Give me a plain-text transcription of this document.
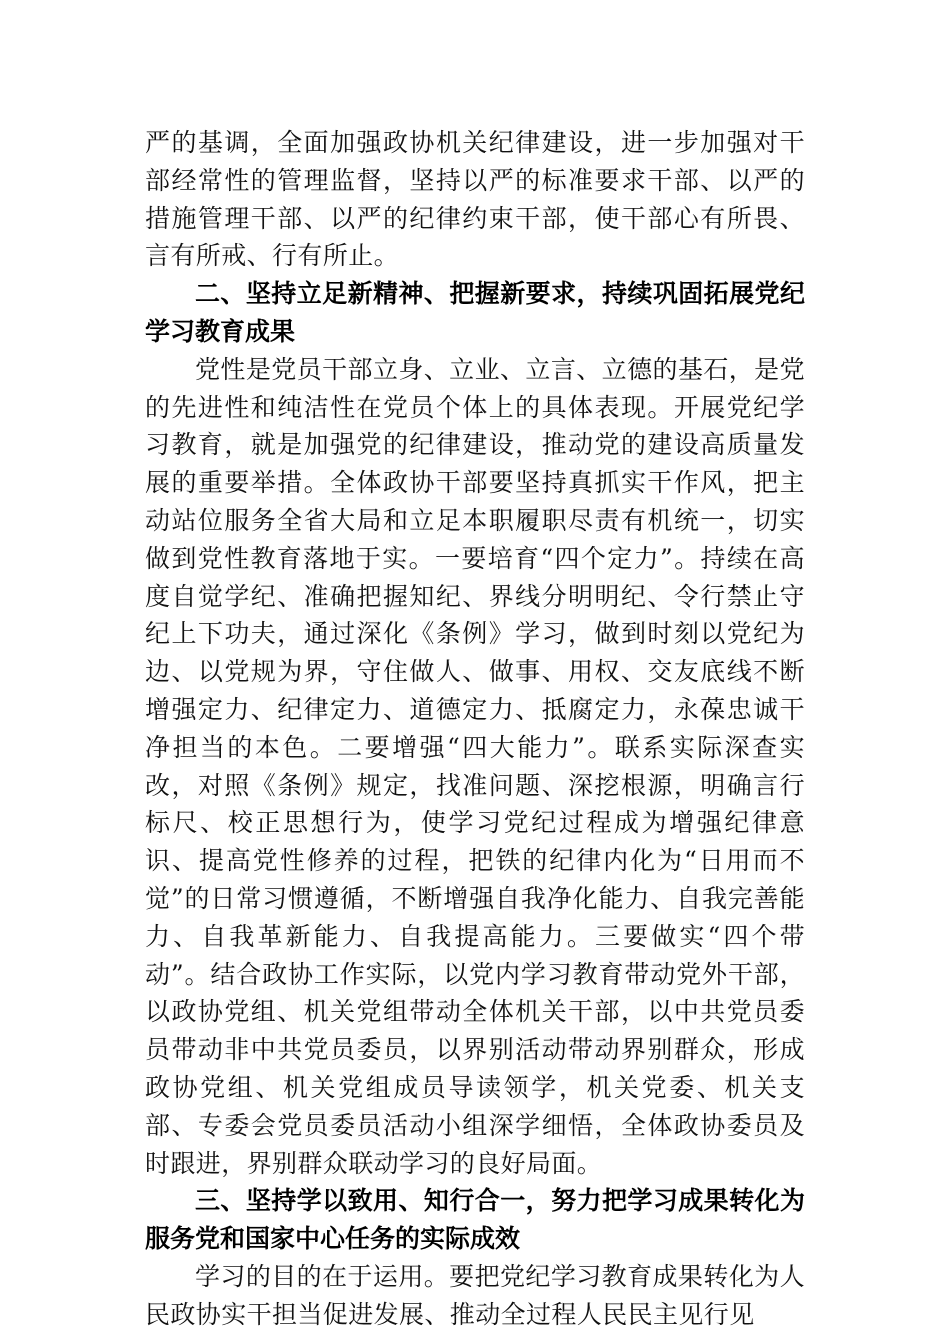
严的基调，全面加强政协机关纪律建设，进一步加强对干部经常性的管理监督，坚持以严的标准要求干部、以严的措施管理干部、以严的纪律约束干部，使干部心有所畏、言有所戒、行有所止。

二、坚持立足新精神、把握新要求，持续巩固拓展党纪学习教育成果

党性是党员干部立身、立业、立言、立德的基石，是党的先进性和纯洁性在党员个体上的具体表现。开展党纪学习教育，就是加强党的纪律建设，推动党的建设高质量发展的重要举措。全体政协干部要坚持真抓实干作风，把主动站位服务全省大局和立足本职履职尽责有机统一，切实做到党性教育落地于实。一要培育“四个定力”。持续在高度自觉学纪、准确把握知纪、界线分明明纪、令行禁止守纪上下功夫，通过深化《条例》学习，做到时刻以党纪为边、以党规为界，守住做人、做事、用权、交友底线不断增强定力、纪律定力、道德定力、抵腐定力，永葆忠诚干净担当的本色。二要增强“四大能力”。联系实际深查实改，对照《条例》规定，找准问题、深挖根源，明确言行标尺、校正思想行为，使学习党纪过程成为增强纪律意识、提高党性修养的过程，把铁的纪律内化为“日用而不觉”的日常习惯遵循，不断增强自我净化能力、自我完善能力、自我革新能力、自我提高能力。三要做实“四个带动”。结合政协工作实际，以党内学习教育带动党外干部，以政协党组、机关党组带动全体机关干部，以中共党员委员带动非中共党员委员，以界别活动带动界别群众，形成政协党组、机关党组成员导读领学，机关党委、机关支部、专委会党员委员活动小组深学细悟，全体政协委员及时跟进，界别群众联动学习的良好局面。

三、坚持学以致用、知行合一，努力把学习成果转化为服务党和国家中心任务的实际成效

学习的目的在于运用。要把党纪学习教育成果转化为人民政协实干担当促进发展、推动全过程人民民主见行见
